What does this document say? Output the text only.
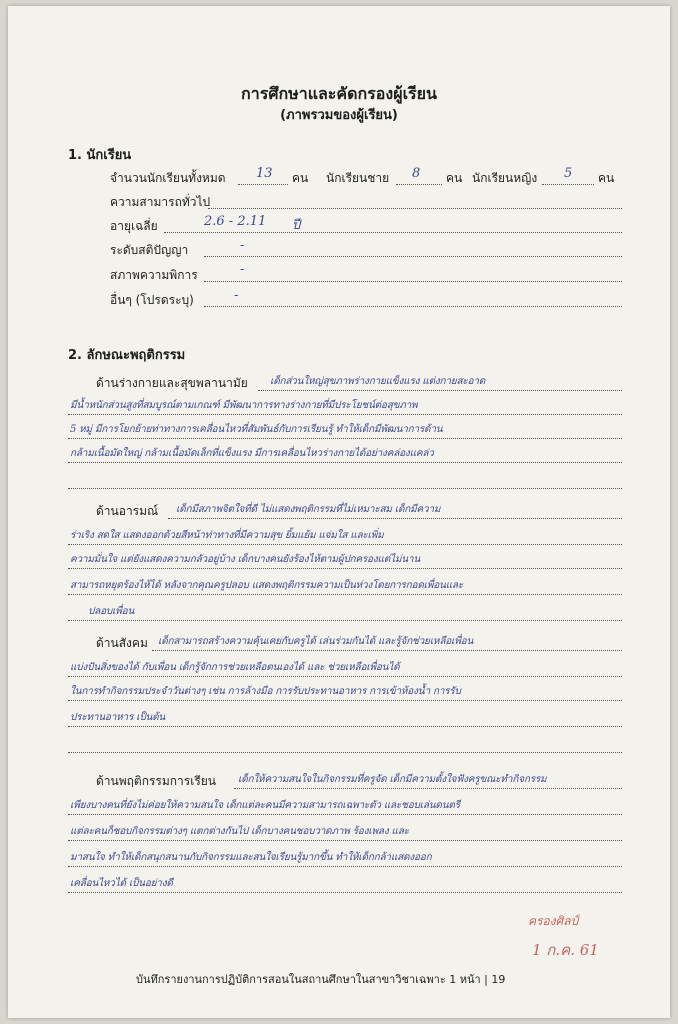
การศึกษาและคัดกรองผู้เรียน
(ภาพรวมของผู้เรียน)
1. นักเรียน
จำนวนนักเรียนทั้งหมด 13 คน นักเรียนชาย 8 คน นักเรียนหญิง 5 คน
ความสามารถทั่วไป
อายุเฉลี่ย	2.6 - 2.11 ปี
ระดับสติปัญญา	-
สภาพความพิการ	-
อื่นๆ (โปรดระบุ)	-
2. ลักษณะพฤติกรรม
ด้านร่างกายและสุขพลานามัย เด็กส่วนใหญ่สุขภาพร่างกายแข็งแรง แต่งกายสะอาด
มีน้ำหนักส่วนสูงที่สมบูรณ์ตามเกณฑ์ มีพัฒนาการทางร่างกายที่มีประโยชน์ต่อสุขภาพ
5 หมู่ มีการโยกย้ายท่าทางการเคลื่อนไหวที่สัมพันธ์กับการเรียนรู้ ทำให้เด็กมีพัฒนาการด้าน
กล้ามเนื้อมัดใหญ่ กล้ามเนื้อมัดเล็กที่แข็งแรง มีการเคลื่อนไหวร่างกายได้อย่างคล่องแคล่ว
ด้านอารมณ์ เด็กมีสภาพจิตใจที่ดี ไม่แสดงพฤติกรรมที่ไม่เหมาะสม เด็กมีความ
ร่าเริง สดใส แสดงออกด้วยสีหน้าท่าทางที่มีความสุข ยิ้มแย้ม แจ่มใส และเพิ่ม
ความมั่นใจ แต่ยังแสดงความกลัวอยู่บ้าง เด็กบางคนยังร้องไห้ตามผู้ปกครองแต่ไม่นาน
สามารถหยุดร้องไห้ได้ หลังจากคุณครูปลอบ แสดงพฤติกรรมความเป็นห่วงโดยการกอดเพื่อนและ
ปลอบเพื่อน
ด้านสังคม เด็กสามารถสร้างความคุ้นเคยกับครูได้ เล่นร่วมกันได้ และรู้จักช่วยเหลือเพื่อน
แบ่งปันสิ่งของได้ กับเพื่อน เด็กรู้จักการช่วยเหลือตนเองได้ และ ช่วยเหลือเพื่อนได้
ในการทำกิจกรรมประจำวันต่างๆ เช่น การล้างมือ การรับประทานอาหาร การเข้าห้องน้ำ การรับ
ประทานอาหาร เป็นต้น
ด้านพฤติกรรมการเรียน เด็กให้ความสนใจในกิจกรรมที่ครูจัด เด็กมีความตั้งใจฟังครูขณะทำกิจกรรม
เพียงบางคนที่ยังไม่ค่อยให้ความสนใจ เด็กแต่ละคนมีความสามารถเฉพาะตัว และชอบเล่นดนตรี
แต่ละคนก็ชอบกิจกรรมต่างๆ แตกต่างกันไป เด็กบางคนชอบวาดภาพ ร้องเพลง และ
มาสนใจ ทำให้เด็กสนุกสนานกับกิจกรรมและสนใจเรียนรู้มากขึ้น ทำให้เด็กกล้าแสดงออก
เคลื่อนไหวได้ เป็นอย่างดี
ครองศิลป์
1 ก.ค. 61
บันทึกรายงานการปฏิบัติการสอนในสถานศึกษาในสาขาวิชาเฉพาะ 1 หน้า | 19
